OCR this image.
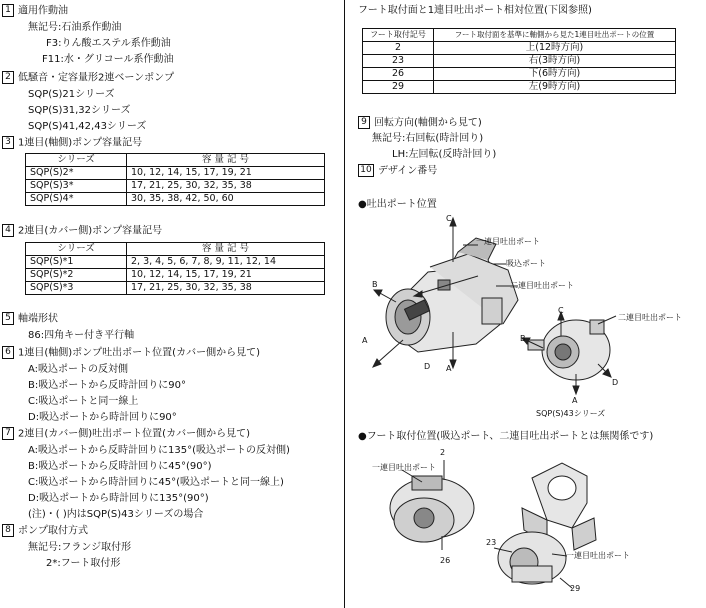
1 適用作動油
無記号:石油系作動油
F3:りん酸エステル系作動油
F11:水・グリコール系作動油
2 低騒音・定容量形2連ベーンポンプ
SQP(S)21シリーズ
SQP(S)31,32シリーズ
SQP(S)41,42,43シリーズ
3 1連目(軸側)ポンプ容量記号
シリーズ	容 量 記 号
SQP(S)2*	10, 12, 14, 15, 17, 19, 21
SQP(S)3*	17, 21, 25, 30, 32, 35, 38
SQP(S)4*	30, 35, 38, 42, 50, 60
4 2連目(カバー側)ポンプ容量記号
シリーズ	容 量 記 号
SQP(S)*1	2, 3, 4, 5, 6, 7, 8, 9, 11, 12, 14
SQP(S)*2	10, 12, 14, 15, 17, 19, 21
SQP(S)*3	17, 21, 25, 30, 32, 35, 38
5 軸端形状
86:四角キー付き平行軸
6 1連目(軸側)ポンプ吐出ポート位置(カバー側から見て)
A:吸込ポートの反対側
B:吸込ポートから反時計回りに90°
C:吸込ポートと同一線上
D:吸込ポートから時計回りに90°
7 2連目(カバー側)吐出ポート位置(カバー側から見て)
A:吸込ポートから反時計回りに135°(吸込ポートの反対側)
B:吸込ポートから反時計回りに45°(90°)
C:吸込ポートから時計回りに45°(吸込ポートと同一線上)
D:吸込ポートから時計回りに135°(90°)
(注)・( )内はSQP(S)43シリーズの場合
8 ポンプ取付方式
無記号:フランジ取付形
2*:フート取付形
フート取付面と1連目吐出ポート相対位置(下図参照)
フート取付記号	フート取付面を基準に軸側から見た1連目吐出ポートの位置
2	上(12時方向)
23	右(3時方向)
26	下(6時方向)
29	左(9時方向)
9 回転方向(軸側から見て)
無記号:右回転(時計回り)
LH:左回転(反時計回り)
10 デザイン番号
●吐出ポート位置
C
一連目吐出ポート
吸込ポート
二連目吐出ポート
B
A
D A
C
二連目吐出ポート
B
D
A
SQP(S)43シリーズ
●フート取付位置(吸込ポート、二連目吐出ポートとは無関係です)
2
一連目吐出ポート
26
23
一連目吐出ポート
29
